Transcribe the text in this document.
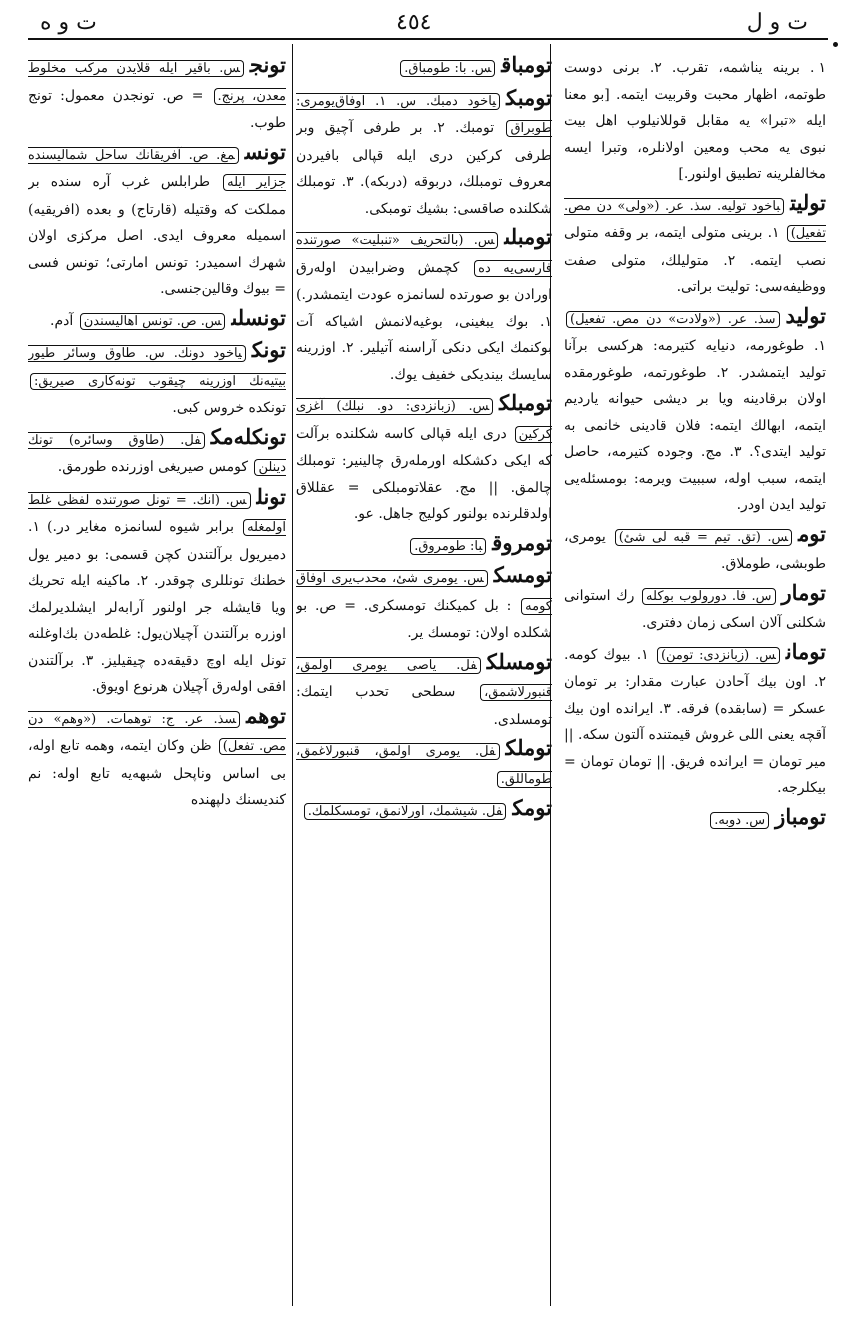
ت و ه	٤٥٤	ت و ل

١. برينه يناشمه، تقرب. ٢. برنی دوست طوتمه، اظهار محبت وقربیت ایتمه. [بو معنا ايله «تبرا» يه مقابل قوللانيلوب اهل بيت نبوى يه محب ومعين اولانلره، وتبرا ايسه مخالفلرينه تطبيق اولنور.]

توليتباخود توليه. سذ. عر. («ولى» دن مص. تفعيل) ١. برينى متولى ايتمه، بر وقفه متولى نصب ايتمه. ٢. متوليلك، متولى صفت ووظيفه‌سى: توليت براتى.

توليدسذ. عر. («ولادت» دن مص. تفعيل) ١. طوغورمه، دنيايه كتيرمه: هركسى برآنا توليد ايتمشدر. ٢. طوغورتمه، طوغورمقده اولان برقادينه ويا بر ديشى حيوانه ياردیم ايتمه، ابهالك ايتمه: فلان قادينى خانمى به توليد ايتدى؟. ٣. مج. وجوده كتيرمه، حاصل ايتمه، سبب اوله، سببيت ويرمه: بومسئله‌يى توليد ايدن اودر.

تومس. (تق. تيم = قبه لى شئ) يومرى، طوبشى، طوملاق.

تومارس. فا. دورولوب بوكله رك استوانى شكلنى آلان اسكى زمان دفترى.

تومانس. (زبانزدى: تومن) ١. بيوك كومه. ٢. اون بيك آحادن عبارت مقدار: بر تومان عسكر = (سابقده) فرقه. ٣. ايرانده اون بيك آقچه يعنى اللى غروش قيمتنده آلتون سكه. || مير تومان = ايرانده فريق. || تومان تومان = بيكلرجه.

تومبازس. دوبه.

تومباقس. با: طومباق.

تومبكياخود دمبك. س. ١. اوفاق‌يومرى: طوبراق تومبك. ٢. بر طرفى آچيق وبر طرفى كركين درى ايله قپالى بافيردن معروف تومبلك، دربوقه (دربكه). ٣. تومبلك شكلنده صاقسى: بشيك تومبكى.

تومبلىس. (بالتحريف «تنبليت» صورتنده فارسى‌يه ده كچمش وضرابيدن اوله‌رق اورادن بو صورتده لسانمزه عودت ايتمشدر.) ١. بوك يبغينى، بوغيه‌لانمش اشياكه آت بوكنمك ايكى دنكى آراسنه آتيلير. ٢. اوزرينه سايسك بينديكى خفيف يوك.

تومبلكس. (زبانزدى: دو. نبلك) آغزى كركين درى ايله قپالى كاسه شكلنده برآلت كه ايكى دكشكله اورمله‌رق چالينير: تومبلك چالمق. || مج. عقلاتومبلكى = عقللاق اولدقلرنده بولنور كوليج جاهل. عو.

تومروقبا: طومروق.

تومسكس. يومرى شئ، محدب‌يرى اوفاق كومه : بل كميكنك تومسكرى. = ص. بو شكلده اولان: تومسك ير.

تومسلكفل. ياصى يومرى اولمق، قنبورلاشمق، سطحى تحدب ايتمك: تومسلدى.

توملكفل. يومرى اولمق، قنبورلاغمق، طوماللق.

تومكفل. شيشمك، اورلانمق، تومسكلمك.

تونجس. باقير ايله قلايدن مركب مخلوط معدن، پرنج. = ص. تونجدن معمول: تونج طوب.

تونسمغ. ص. آفريقانك ساحل شماليسنده جزاير ايله طرابلس غرب آره سنده بر مملكت كه وقتيله (قارتاج) و بعده (افريقيه) اسميله معروف ايدى. اصل مركزى اولان شهرك اسميدر: تونس امارتى؛ تونس فسى = بيوك وقالين‌جنسى.

تونسلىس. ص. تونس اهاليسندن آدم.

تونكياخود دونك. س. طاوق وسائر طيور بيتيه‌نك اوزرينه چيقوب تونه‌كارى صيريق: تونكده خروس كبى.

تونكله‌مكفل. (طاوق وسائره) تونك دينلن كومس صيريغى اوزرنده طورمق.

تونلس. (انك. = تونل صورتنده لفظى غلط اولمغله برابر شيوه لسانمزه مغاير در.) ١. دميريول برآلتندن كچن قسمى: بو دمير يول خطنك تونللرى چوقدر. ٢. ماكينه ايله تحريك ويا قايشله جر اولنور آرابه‌لر ايشلديرلمك اوزره برآلتندن آچيلان‌يول: غلطه‌دن بك‌اوغلنه تونل ايله اوچ دقيقه‌ده چيقيليز. ٣. برآلتندن افقى اوله‌رق آچيلان هرنوع اويوق.

توهمسذ. عر. ج: توهمات. («وهم» دن مص. تفعل) ظن وكان ايتمه، وهمه تابع اوله، بى اساس وناپحل شبهه‌يه تابع اوله: نم كنديسنك دلپهنده
